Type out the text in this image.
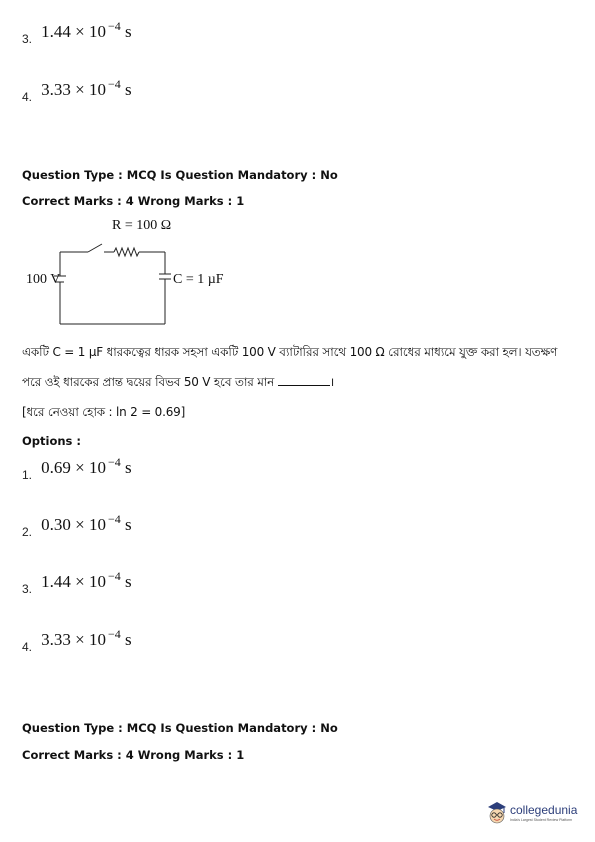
$_{3.}$ 1.44 × 10 $^{-4}$ s
$_{4.}$ 3.33 × 10 $^{-4}$ s
Question Type : MCQ Is Question Mandatory : No
Correct Marks : 4 Wrong Marks : 1
R = 100 Ω
100 V	C = 1 µF
একটি C = 1 µF ধারকত্বের ধারক সহসা একটি 100 V ব্যাটারির সাথে 100 Ω রোধের মাধ্যমে যুক্ত করা হল। যতক্ষণ
পরে ওই ধারকের প্রান্ত দ্বয়ের বিভব 50 V হবে তার মান	।
[ধরে নেওয়া হোক : ln 2 = 0.69]
Options :
$_{1.}$ 0.69 × 10 $^{-4}$ s
$_{2.}$ 0.30 × 10 $^{-4}$ s
$_{3.}$ 1.44 × 10 $^{-4}$ s
$_{4.}$ 3.33 × 10 $^{-4}$ s
Question Type : MCQ Is Question Mandatory : No
Correct Marks : 4 Wrong Marks : 1
collegedunia
India's Largest Student Review Platform
